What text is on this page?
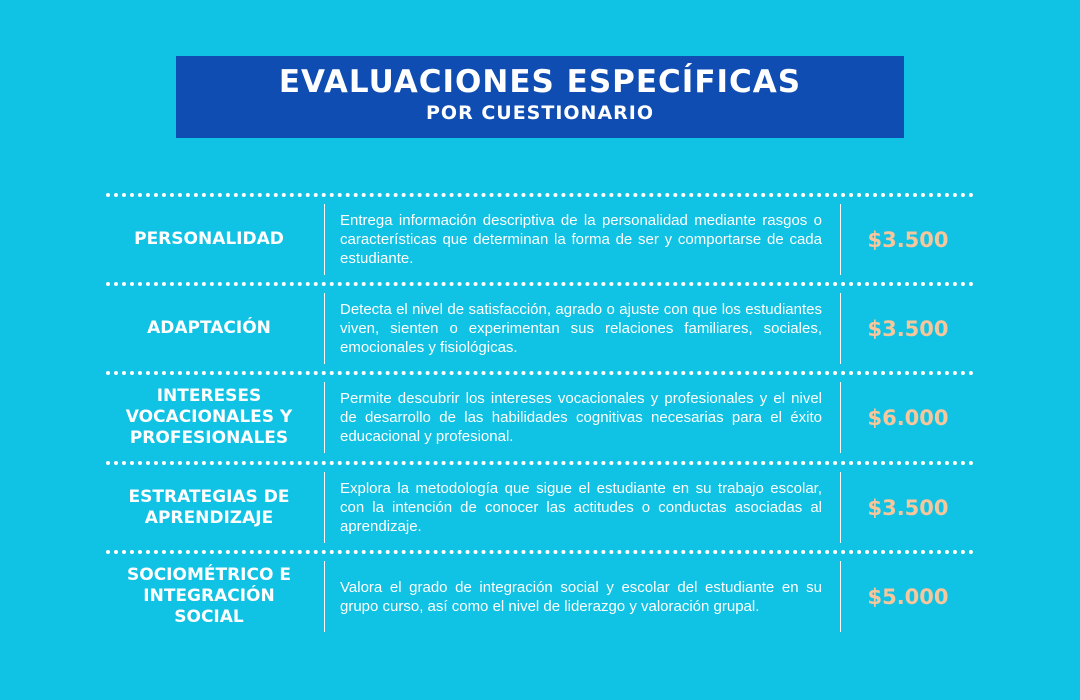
EVALUACIONES ESPECÍFICAS
POR CUESTIONARIO
PERSONALIDAD
Entrega información descriptiva de la personalidad mediante rasgos o características que determinan la forma de ser y comportarse de cada estudiante.
$3.500
ADAPTACIÓN
Detecta el nivel de satisfacción, agrado o ajuste con que los estudiantes viven, sienten o experimentan sus relaciones familiares, sociales, emocionales y fisiológicas.
$3.500
INTERESES VOCACIONALES Y PROFESIONALES
Permite descubrir los intereses vocacionales y profesionales y el nivel de desarrollo de las habilidades cognitivas necesarias para el éxito educacional y profesional.
$6.000
ESTRATEGIAS DE APRENDIZAJE
Explora la metodología que sigue el estudiante en su trabajo escolar, con la intención de conocer las actitudes o conductas asociadas al aprendizaje.
$3.500
SOCIOMÉTRICO E INTEGRACIÓN SOCIAL
Valora el grado de integración social y escolar del estudiante en su grupo curso, así como el nivel de liderazgo y valoración grupal.	$5.000
